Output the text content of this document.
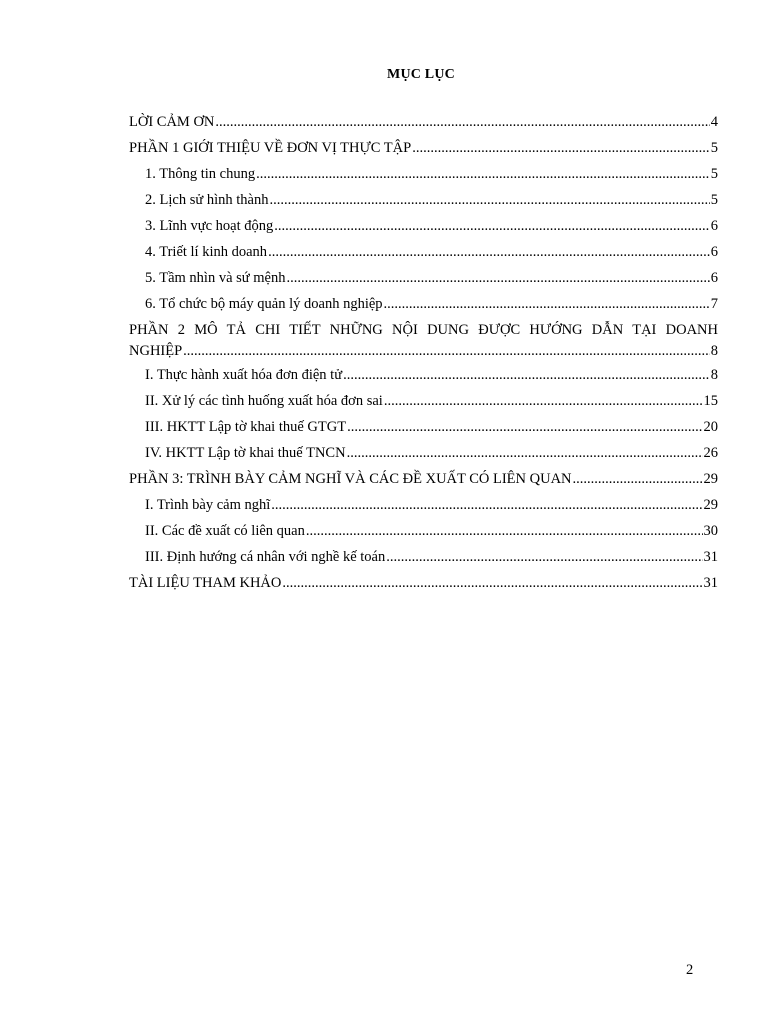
MỤC LỤC
LỜI CẢM ƠN .....	4
PHẦN 1 GIỚI THIỆU VỀ ĐƠN VỊ THỰC TẬP .....	5
1. Thông tin chung .....	5
2. Lịch sử hình thành .....	5
3. Lĩnh vực hoạt động .....	6
4. Triết lí kinh doanh .....	6
5. Tầm nhìn và sứ mệnh .....	6
6. Tổ chức bộ máy quản lý doanh nghiệp .....	7
PHẦN 2 MÔ TẢ CHI TIẾT NHỮNG NỘI DUNG ĐƯỢC HƯỚNG DẪN TẠI DOANH
NGHIỆP .....	8
I. Thực hành xuất hóa đơn điện tử .....	8
II. Xử lý các tình huống xuất hóa đơn sai .....	15
III. HKTT Lập tờ khai thuế GTGT .....	20
IV. HKTT Lập tờ khai thuế TNCN .....	26
PHẦN 3: TRÌNH BÀY CẢM NGHĨ VÀ CÁC ĐỀ XUẤT CÓ LIÊN QUAN .....	29
I. Trình bày cảm nghĩ .....	29
II. Các đề xuất có liên quan .....	30
III. Định hướng cá nhân với nghề kế toán .....	31
TÀI LIỆU THAM KHẢO .....	31
2
